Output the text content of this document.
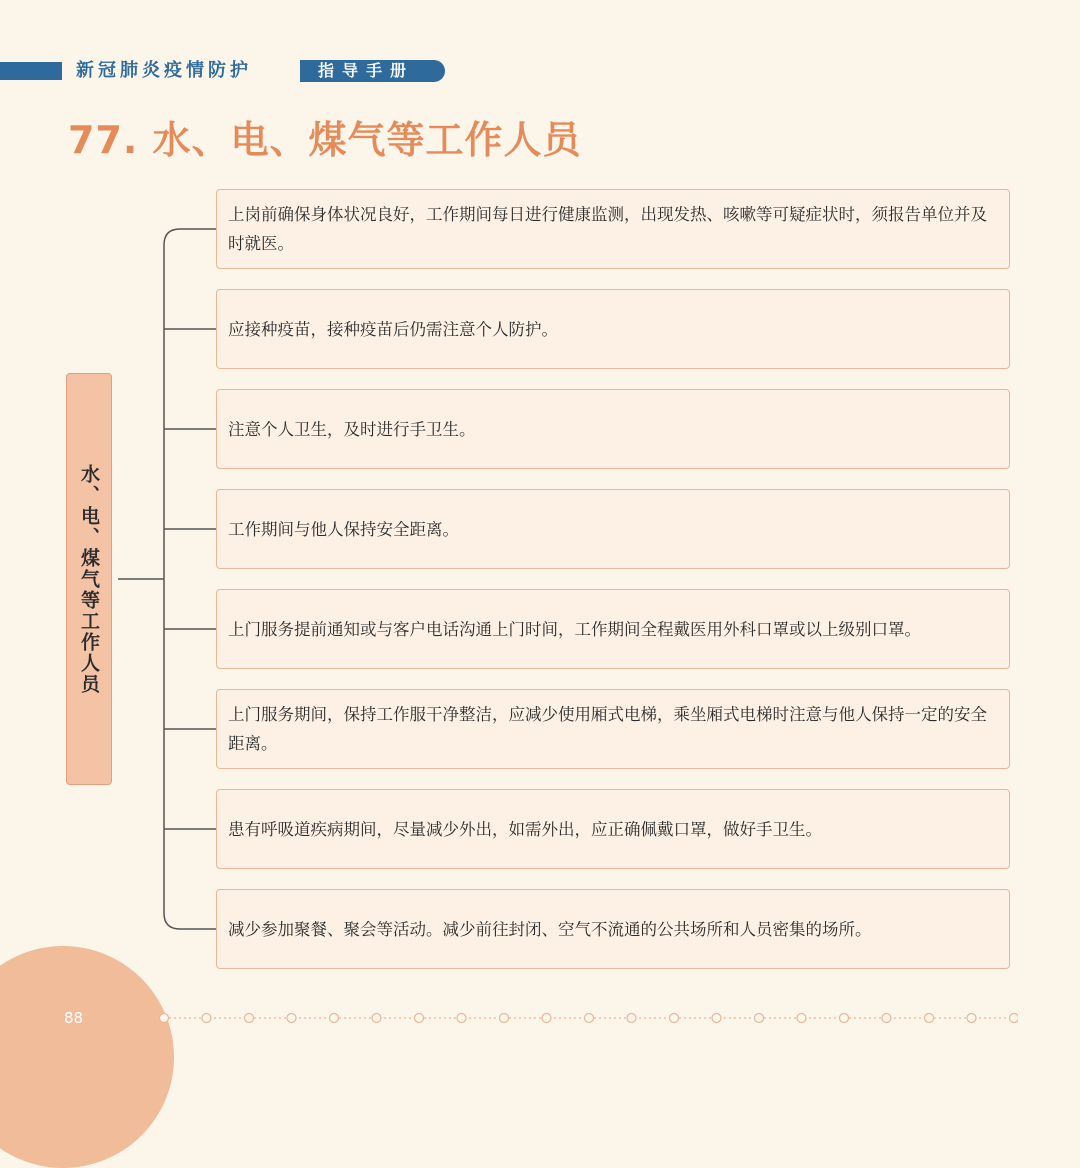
新冠肺炎疫情防护	指导手册
77. 水、电、煤气等工作人员
水、电、煤气等工作人员
上岗前确保身体状况良好，工作期间每日进行健康监测，出现发热、咳嗽等可疑症状时，须报告单位并及时就医。
应接种疫苗，接种疫苗后仍需注意个人防护。
注意个人卫生，及时进行手卫生。
工作期间与他人保持安全距离。
上门服务提前通知或与客户电话沟通上门时间，工作期间全程戴医用外科口罩或以上级别口罩。
上门服务期间，保持工作服干净整洁，应减少使用厢式电梯，乘坐厢式电梯时注意与他人保持一定的安全距离。
患有呼吸道疾病期间，尽量减少外出，如需外出，应正确佩戴口罩，做好手卫生。
减少参加聚餐、聚会等活动。减少前往封闭、空气不流通的公共场所和人员密集的场所。
88
